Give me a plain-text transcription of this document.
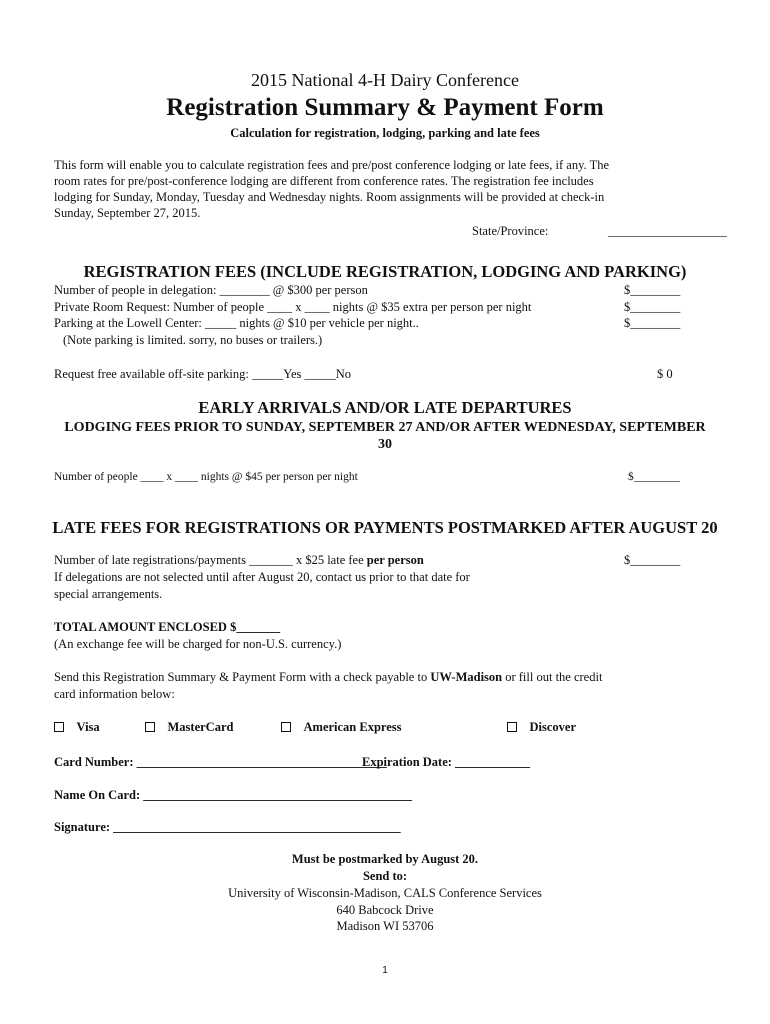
2015 National 4-H Dairy Conference
Registration Summary & Payment Form
Calculation for registration, lodging, parking and late fees
This form will enable you to calculate registration fees and pre/post conference lodging or late fees, if any. The
room rates for pre/post-conference lodging are different from conference rates. The registration fee includes
lodging for Sunday, Monday, Tuesday and Wednesday nights. Room assignments will be provided at check-in
Sunday, September 27, 2015.
State/Province:	___________________
REGISTRATION FEES (INCLUDE REGISTRATION, LODGING AND PARKING)
Number of people in delegation: ________ @ $300 per person	$________
Private Room Request: Number of people ____ x ____ nights @ $35 extra per person per night	$________
Parking at the Lowell Center: _____ nights @ $10 per vehicle per night..	$________
(Note parking is limited. sorry, no buses or trailers.)
Request free available off-site parking: _____Yes _____No	$ 0
EARLY ARRIVALS AND/OR LATE DEPARTURES
LODGING FEES PRIOR TO SUNDAY, SEPTEMBER 27 AND/OR AFTER WEDNESDAY, SEPTEMBER
30
Number of people ____ x ____ nights @ $45 per person per night	$________
LATE FEES FOR REGISTRATIONS OR PAYMENTS POSTMARKED AFTER AUGUST 20
Number of late registrations/payments _______ x $25 late fee per person	$________
If delegations are not selected until after August 20, contact us prior to that date for
special arrangements.
TOTAL AMOUNT ENCLOSED $_______
(An exchange fee will be charged for non-U.S. currency.)
Send this Registration Summary & Payment Form with a check payable to UW-Madison or fill out the credit
card information below:
Visa	MasterCard	American Express	Discover
Card Number: ________________________________________
Expiration Date: ____________
Name On Card: ___________________________________________
Signature: ______________________________________________
Must be postmarked by August 20.
Send to:
University of Wisconsin-Madison, CALS Conference Services
640 Babcock Drive
Madison WI 53706
1
